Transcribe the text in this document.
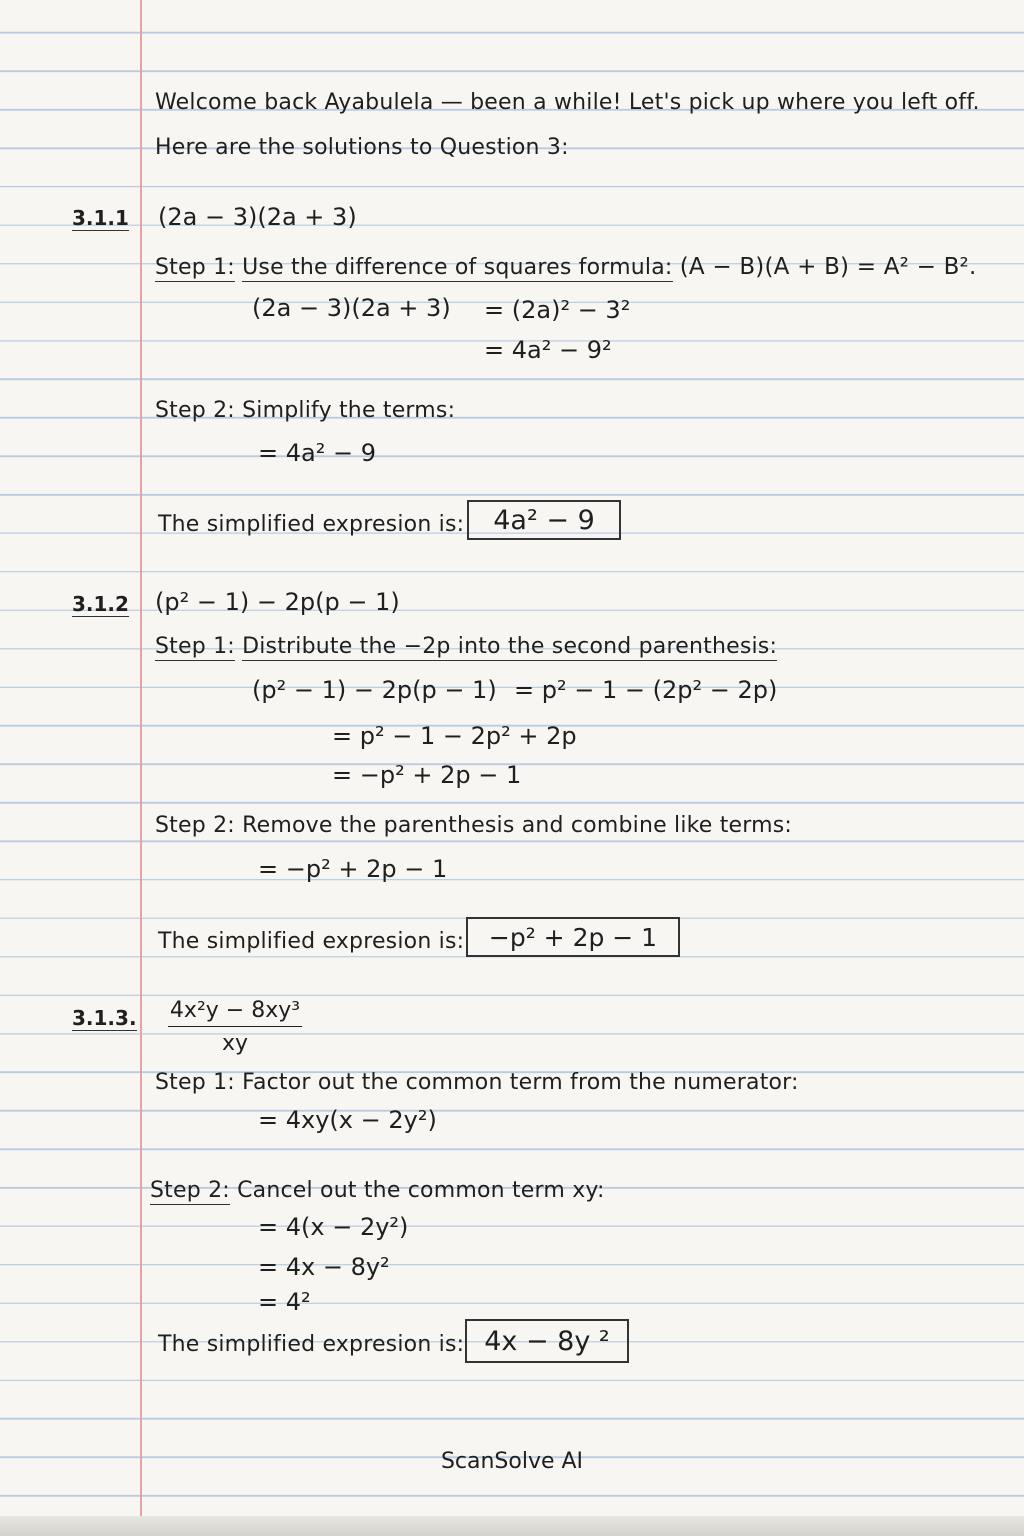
Welcome back Ayabulela — been a while! Let's pick up where you left off.
Here are the solutions to Question 3:
3.1.1 (2a − 3)(2a + 3)
Step 1: Use the difference of squares formula: (A − B)(A + B) = A² − B².
(2a − 3)(2a + 3) = (2a)² − 3²
= 4a² − 9²
Step 2: Simplify the terms:
= 4a² − 9
The simplified expresion is:	4a² − 9
3.1.2 (p² − 1) − 2p(p − 1)
Step 1: Distribute the −2p into the second parenthesis:
(p² − 1) − 2p(p − 1) = p² − 1 − (2p² − 2p)
= p² − 1 − 2p² + 2p
= −p² + 2p − 1
Step 2: Remove the parenthesis and combine like terms:
= −p² + 2p − 1
The simplified expresion is: −p² + 2p − 1
3.1.3.	4x²y − 8xy³
xy
Step 1: Factor out the common term from the numerator:
= 4xy(x − 2y²)
Step 2: Cancel out the common term xy:
= 4(x − 2y²)
= 4x − 8y²
= 4²
The simplified expresion is: 4x − 8y ²
ScanSolve AI
